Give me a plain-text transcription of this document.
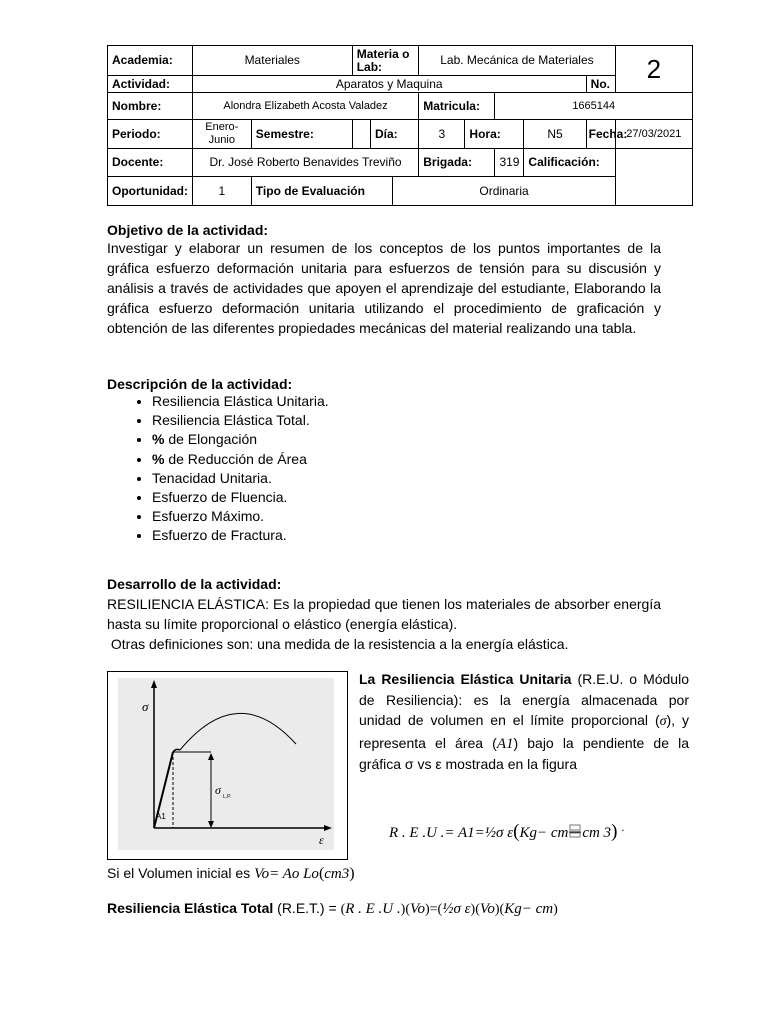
Academia:	Materiales		Materia o Lab:			Lab. Mecánica de Materiales					2
Actividad:	Aparatos y Maquina									No.	
Nombre:	Alondra Elizabeth Acosta Valadez					Matricula:		1665144			
Periodo:	Enero-Junio	Semestre:		Día:		3	Hora:		N5	Fecha:	27/03/2021
Docente:	Dr. José Roberto Benavides Treviño					Brigada:		319	Calificación:		
Oportunidad:	1	Tipo de Evaluación			Ordinaria						
Objetivo de la actividad:
Investigar y elaborar un resumen de los conceptos de los puntos importantes de la gráfica esfuerzo deformación unitaria para esfuerzos de tensión para su discusión y análisis a través de actividades que apoyen el aprendizaje del estudiante, Elaborando la gráfica esfuerzo deformación unitaria utilizando el procedimiento de graficación y obtención de las diferentes propiedades mecánicas del material realizando una tabla.
Descripción de la actividad:
• Resiliencia Elástica Unitaria.
• Resiliencia Elástica Total.
• % de Elongación
• % de Reducción de Área
• Tenacidad Unitaria.
• Esfuerzo de Fluencia.
• Esfuerzo Máximo.
• Esfuerzo de Fractura.
Desarrollo de la actividad:
RESILIENCIA ELÁSTICA: Es la propiedad que tienen los materiales de absorber energía hasta su límite proporcional o elástico (energía elástica).
Otras definiciones son: una medida de la resistencia a la energía elástica.
σ
ε
A1
σ L.P.
La Resiliencia Elástica Unitaria (R.E.U. o Módulo de Resiliencia): es la energía almacenada por unidad de volumen en el límite proporcional (σ), y representa el área (A1) bajo la pendiente de la gráfica σ vs ε mostrada en la figura
R . E .U .= A1=½σ ε(Kg− cm cm 3) .
Si el Volumen inicial es Vo= Ao Lo(cm3)
Resiliencia Elástica Total (R.E.T.) = (R . E .U .)(Vo)=(½σ ε)(Vo)(Kg− cm)
